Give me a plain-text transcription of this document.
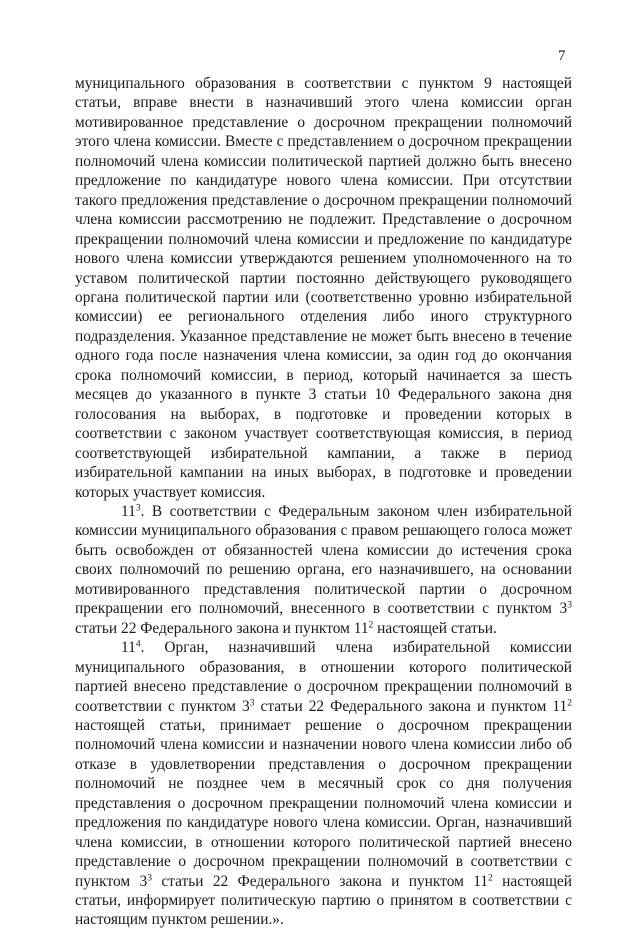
7

муниципального образования в соответствии с пунктом 9 настоящей статьи, вправе внести в назначивший этого члена комиссии орган мотивированное представление о досрочном прекращении полномочий этого члена комиссии. Вместе с представлением о досрочном прекращении полномочий члена комиссии политической партией должно быть внесено предложение по кандидатуре нового члена комиссии. При отсутствии такого предложения представление о досрочном прекращении полномочий члена комиссии рассмотрению не подлежит. Представление о досрочном прекращении полномочий члена комиссии и предложение по кандидатуре нового члена комиссии утверждаются решением уполномоченного на то уставом политической партии постоянно действующего руководящего органа политической партии или (соответственно уровню избирательной комиссии) ее регионального отделения либо иного структурного подразделения. Указанное представление не может быть внесено в течение одного года после назначения члена комиссии, за один год до окончания срока полномочий комиссии, в период, который начинается за шесть месяцев до указанного в пункте 3 статьи 10 Федерального закона дня голосования на выборах, в подготовке и проведении которых в соответствии с законом участвует соответствующая комиссия, в период соответствующей избирательной кампании, а также в период избирательной кампании на иных выборах, в подготовке и проведении которых участвует комиссия.

$11^3$. В соответствии с Федеральным законом член избирательной комиссии муниципального образования с правом решающего голоса может быть освобожден от обязанностей члена комиссии до истечения срока своих полномочий по решению органа, его назначившего, на основании мотивированного представления политической партии о досрочном прекращении его полномочий, внесенного в соответствии с пунктом $3^3$ статьи 22 Федерального закона и пунктом $11^2$ настоящей статьи.

$11^4$. Орган, назначивший члена избирательной комиссии муниципального образования, в отношении которого политической партией внесено представление о досрочном прекращении полномочий в соответствии с пунктом $3^3$ статьи 22 Федерального закона и пунктом $11^2$ настоящей статьи, принимает решение о досрочном прекращении полномочий члена комиссии и назначении нового члена комиссии либо об отказе в удовлетворении представления о досрочном прекращении полномочий не позднее чем в месячный срок со дня получения представления о досрочном прекращении полномочий члена комиссии и предложения по кандидатуре нового члена комиссии. Орган, назначивший члена комиссии, в отношении которого политической партией внесено представление о досрочном прекращении полномочий в соответствии с пунктом $3^3$ статьи 22 Федерального закона и пунктом $11^2$ настоящей статьи, информирует политическую партию о принятом в соответствии с настоящим пунктом решении.».
